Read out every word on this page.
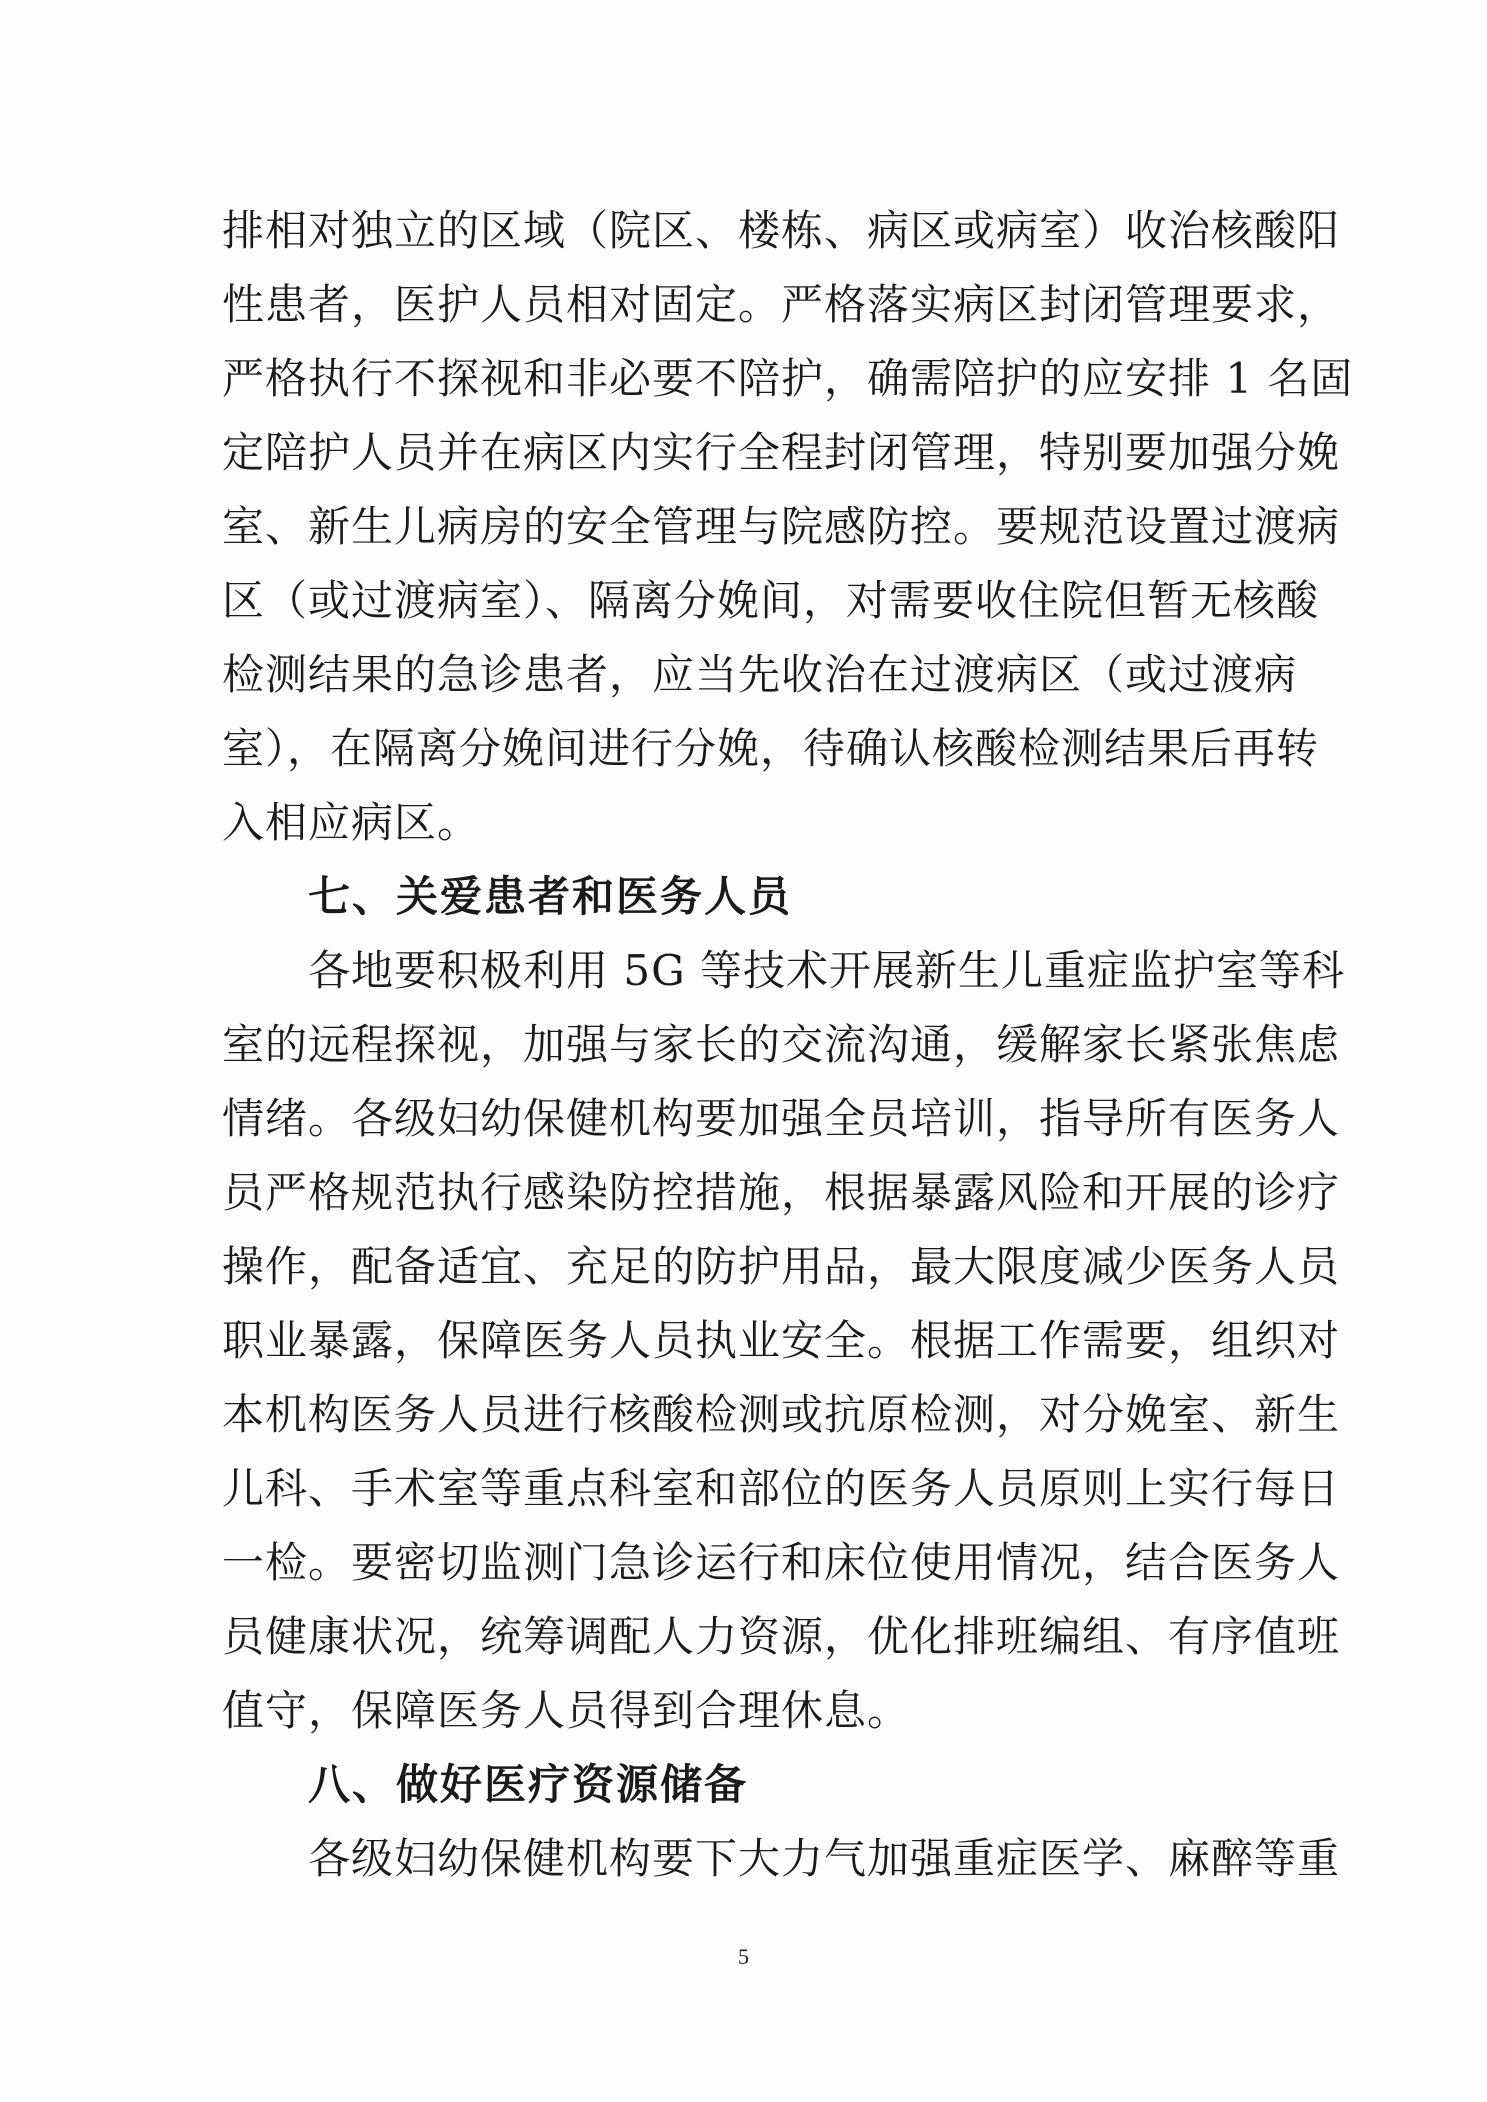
排相对独立的区域（院区、楼栋、病区或病室）收治核酸阳
性患者，医护人员相对固定。严格落实病区封闭管理要求，
严格执行不探视和非必要不陪护，确需陪护的应安排 1 名固
定陪护人员并在病区内实行全程封闭管理，特别要加强分娩
室、新生儿病房的安全管理与院感防控。要规范设置过渡病
区（或过渡病室）、隔离分娩间，对需要收住院但暂无核酸
检测结果的急诊患者，应当先收治在过渡病区（或过渡病
室），在隔离分娩间进行分娩，待确认核酸检测结果后再转
入相应病区。
七、关爱患者和医务人员
各地要积极利用 5G 等技术开展新生儿重症监护室等科
室的远程探视，加强与家长的交流沟通，缓解家长紧张焦虑
情绪。各级妇幼保健机构要加强全员培训，指导所有医务人
员严格规范执行感染防控措施，根据暴露风险和开展的诊疗
操作，配备适宜、充足的防护用品，最大限度减少医务人员
职业暴露，保障医务人员执业安全。根据工作需要，组织对
本机构医务人员进行核酸检测或抗原检测，对分娩室、新生
儿科、手术室等重点科室和部位的医务人员原则上实行每日
一检。要密切监测门急诊运行和床位使用情况，结合医务人
员健康状况，统筹调配人力资源，优化排班编组、有序值班
值守，保障医务人员得到合理休息。
八、做好医疗资源储备
各级妇幼保健机构要下大力气加强重症医学、麻醉等重
5
